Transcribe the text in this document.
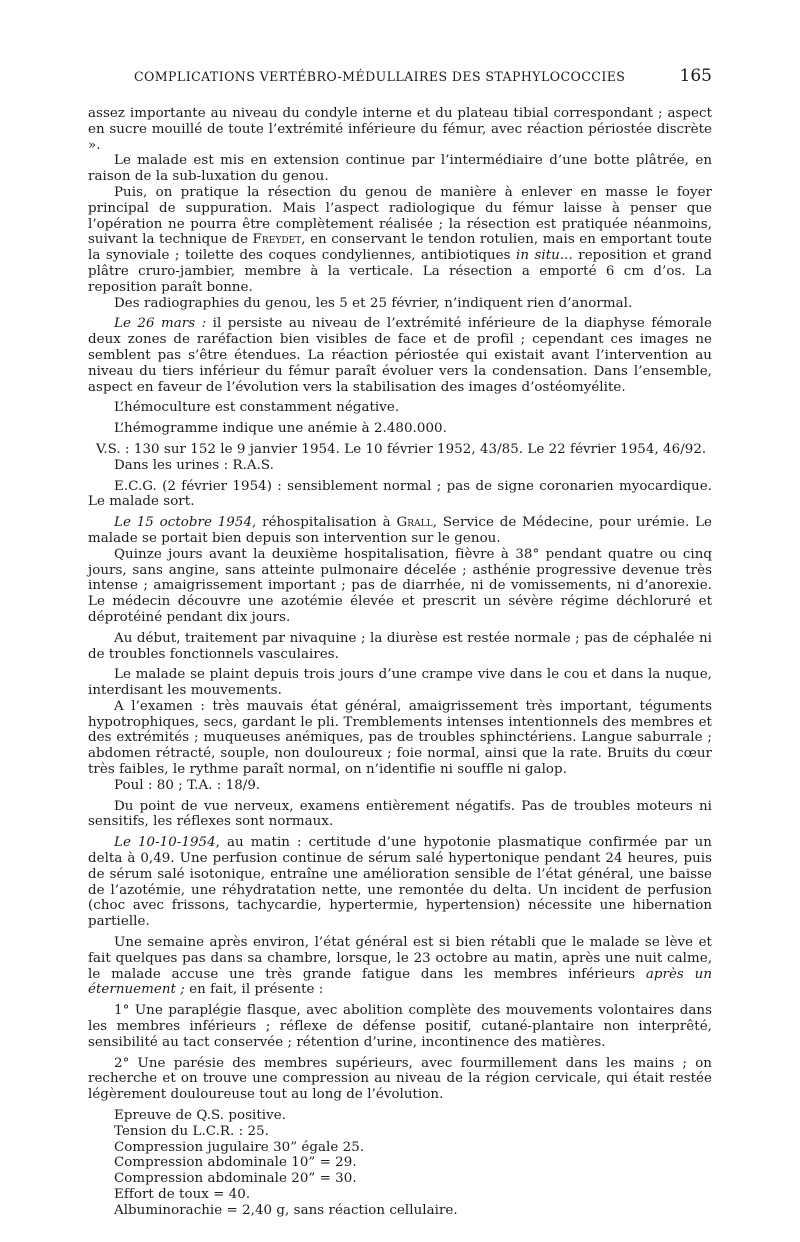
COMPLICATIONS VERTÉBRO-MÉDULLAIRES DES STAPHYLOCOCCIES	165

assez importante au niveau du condyle interne et du plateau tibial correspondant ; aspect en sucre mouillé de toute l’extrémité inférieure du fémur, avec réaction périostée discrète ».

Le malade est mis en extension continue par l’intermédiaire d’une botte plâtrée, en raison de la sub-luxation du genou.

Puis, on pratique la résection du genou de manière à enlever en masse le foyer principal de suppuration. Mais l’aspect radiologique du fémur laisse à penser que l’opération ne pourra être complètement réalisée ; la résection est pratiquée néanmoins, suivant la technique de Freydet, en conservant le tendon rotulien, mais en emportant toute la synoviale ; toilette des coques condyliennes, antibiotiques in situ... reposition et grand plâtre cruro-jambier, membre à la verticale. La résection a emporté 6 cm d’os. La reposition paraît bonne.

Des radiographies du genou, les 5 et 25 février, n’indiquent rien d’anormal.

Le 26 mars : il persiste au niveau de l’extrémité inférieure de la diaphyse fémorale deux zones de raréfaction bien visibles de face et de profil ; cependant ces images ne semblent pas s’être étendues. La réaction périostée qui existait avant l’intervention au niveau du tiers inférieur du fémur paraît évoluer vers la condensation. Dans l’ensemble, aspect en faveur de l’évolution vers la stabilisation des images d’ostéomyélite.

L’hémoculture est constamment négative.

L’hémogramme indique une anémie à 2.480.000.

V.S. : 130 sur 152 le 9 janvier 1954. Le 10 février 1952, 43/85. Le 22 février 1954, 46/92.

Dans les urines : R.A.S.

E.C.G. (2 février 1954) : sensiblement normal ; pas de signe coronarien myocardique. Le malade sort.

Le 15 octobre 1954, réhospitalisation à Grall, Service de Médecine, pour urémie. Le malade se portait bien depuis son intervention sur le genou.

Quinze jours avant la deuxième hospitalisation, fièvre à 38° pendant quatre ou cinq jours, sans angine, sans atteinte pulmonaire décelée ; asthénie progressive devenue très intense ; amaigrissement important ; pas de diarrhée, ni de vomissements, ni d’anorexie. Le médecin découvre une azotémie élevée et prescrit un sévère régime déchloruré et déprotéiné pendant dix jours.

Au début, traitement par nivaquine ; la diurèse est restée normale ; pas de céphalée ni de troubles fonctionnels vasculaires.

Le malade se plaint depuis trois jours d’une crampe vive dans le cou et dans la nuque, interdisant les mouvements.

A l’examen : très mauvais état général, amaigrissement très important, téguments hypotrophiques, secs, gardant le pli. Tremblements intenses intentionnels des membres et des extrémités ; muqueuses anémiques, pas de troubles sphinctériens. Langue saburrale ; abdomen rétracté, souple, non douloureux ; foie normal, ainsi que la rate. Bruits du cœur très faibles, le rythme paraît normal, on n’identifie ni souffle ni galop.

Poul : 80 ; T.A. : 18/9.

Du point de vue nerveux, examens entièrement négatifs. Pas de troubles moteurs ni sensitifs, les réflexes sont normaux.

Le 10-10-1954, au matin : certitude d’une hypotonie plasmatique confirmée par un delta à 0,49. Une perfusion continue de sérum salé hypertonique pendant 24 heures, puis de sérum salé isotonique, entraîne une amélioration sensible de l’état général, une baisse de l’azotémie, une réhydratation nette, une remontée du delta. Un incident de perfusion (choc avec frissons, tachycardie, hypertermie, hypertension) nécessite une hibernation partielle.

Une semaine après environ, l’état général est si bien rétabli que le malade se lève et fait quelques pas dans sa chambre, lorsque, le 23 octobre au matin, après une nuit calme, le malade accuse une très grande fatigue dans les membres inférieurs après un éternuement ; en fait, il présente :

1° Une paraplégie flasque, avec abolition complète des mouvements volontaires dans les membres inférieurs ; réflexe de défense positif, cutané-plantaire non interprêté, sensibilité au tact conservée ; rétention d’urine, incontinence des matières.

2° Une parésie des membres supérieurs, avec fourmillement dans les mains ; on recherche et on trouve une compression au niveau de la région cervicale, qui était restée légèrement douloureuse tout au long de l’évolution.

Epreuve de Q.S. positive.

Tension du L.C.R. : 25.

Compression jugulaire 30” égale 25.

Compression abdominale 10” = 29.

Compression abdominale 20” = 30.

Effort de toux = 40.

Albuminorachie = 2,40 g, sans réaction cellulaire.
